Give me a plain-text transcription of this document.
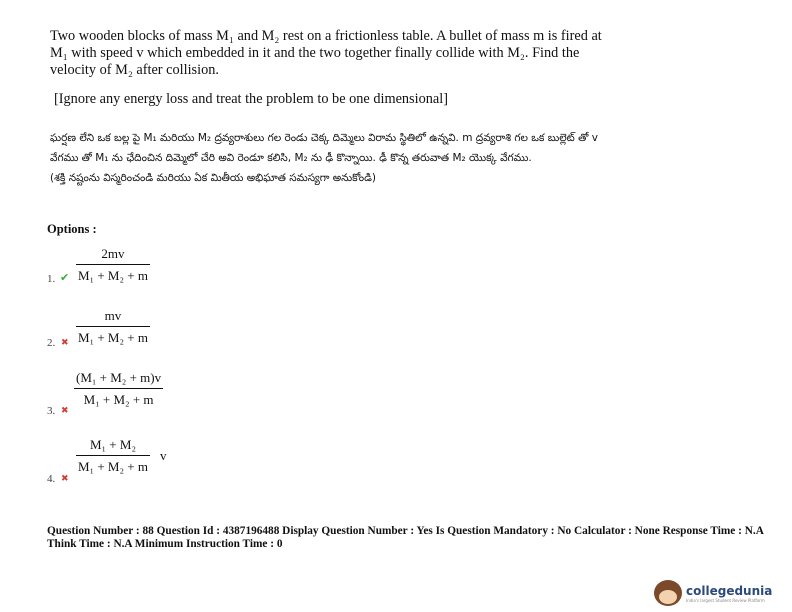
Two wooden blocks of mass M₁ and M₂ rest on a frictionless table. A bullet of mass m is fired at M₁ with speed v which embedded in it and the two together finally collide with M₂. Find the velocity of M₂ after collision.
[Ignore any energy loss and treat the problem to be one dimensional]
ఘర్షణ లేని ఒక బల్ల పై M₁ మరియు M₂ ద్రవ్యరాశులు గల రెండు చెక్క దిమ్మెలు విరామ స్థితిలో ఉన్నవి. m ద్రవ్యరాశి గల ఒక బుల్లెట్ తో v వేగము తో M₁ ను ఛేదించిన దిమ్మెలో చేరి అవి రెండూ కలిసి, M₂ ను ఢీ కొన్నాయి. ఢీ కొన్న తరువాత M₂ యొక్క వేగము.
(శక్తి నష్టంను విస్మరించండి మరియు ఏక మితీయ అభిఘాత సమస్యగా అనుకోండి)
Options :
$\frac{2mv}{\text{M₁ + M₂ + m}}$
1. ✔
$\frac{mv}{\text{M₁ + M₂ + m}}$
2. ✖
$\frac{\text{(M₁ + M₂ + m)v}}{\text{M₁ + M₂ + m}}$
3. ✖
$\frac{\text{M₁ + M₂}}{\text{M₁ + M₂ + m}}$ v
4. ✖
Question Number : 88 Question Id : 4387196488 Display Question Number : Yes Is Question Mandatory : No Calculator : None Response Time : N.A Think Time : N.A Minimum Instruction Time : 0
collegedunia
India's largest Student Review Platform
